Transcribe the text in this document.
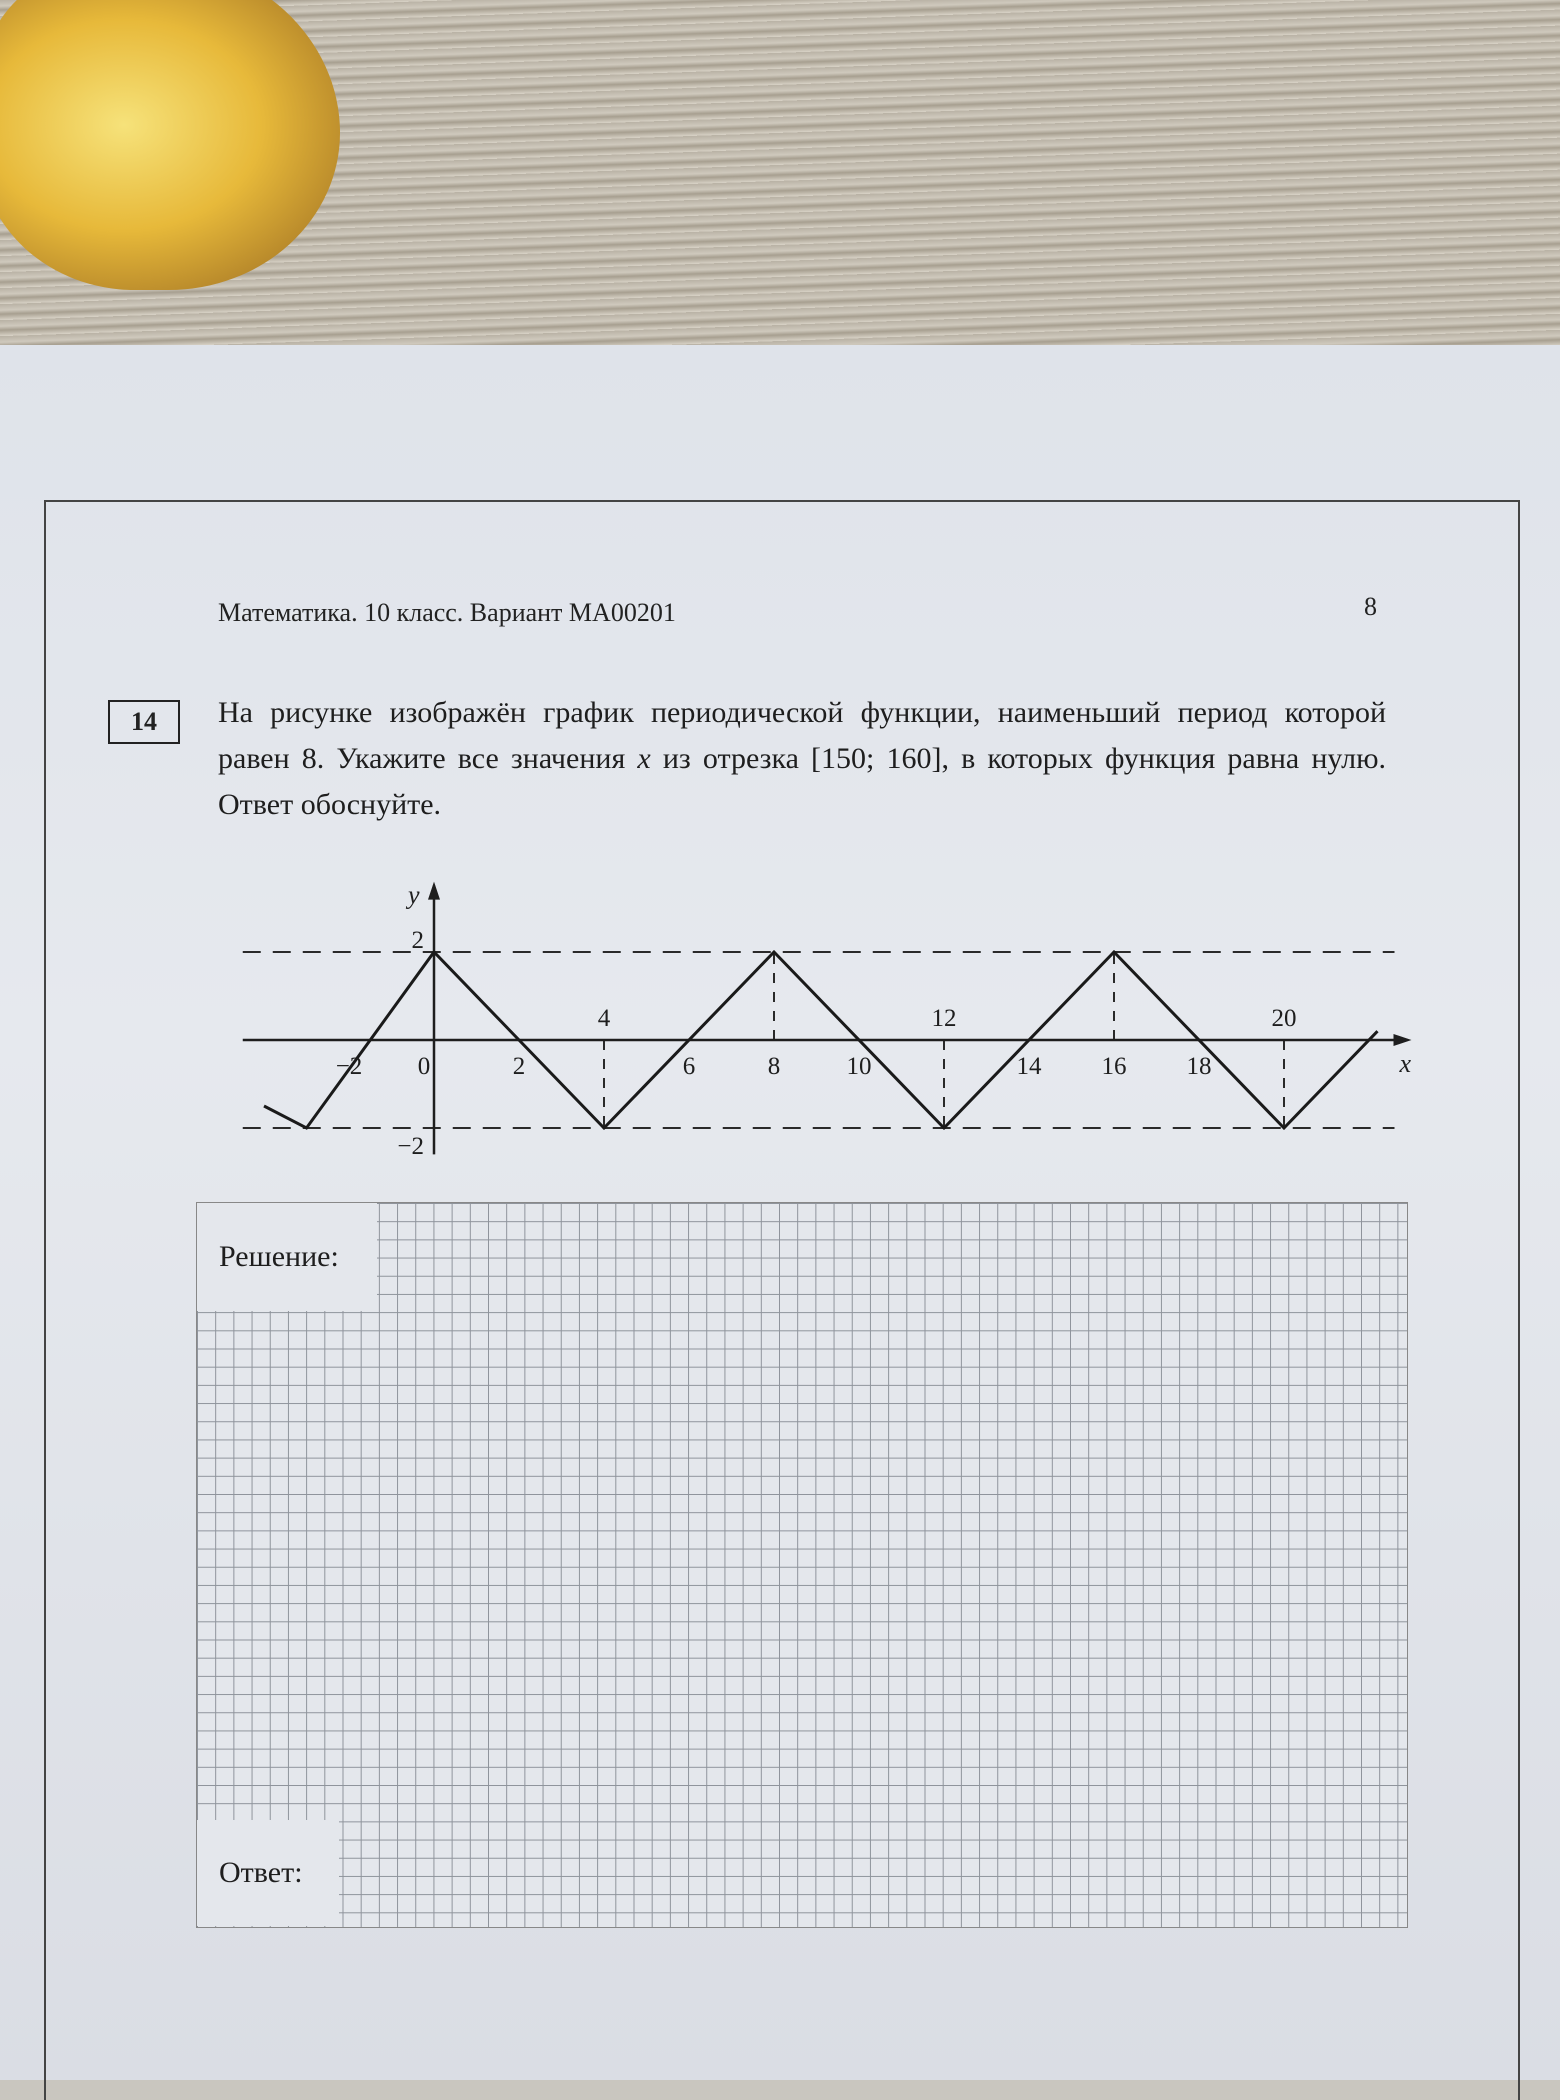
Математика. 10 класс. Вариант МА00201	8
14	На рисунке изображён график периодической функции, наименьший период которой равен 8. Укажите все значения x из отрезка [150; 160], в которых функция равна нулю. Ответ обоснуйте.

x
y
−2 0	2	6	8	10	14 16 18
4	12	20
2
−2
Решение:
Ответ:
